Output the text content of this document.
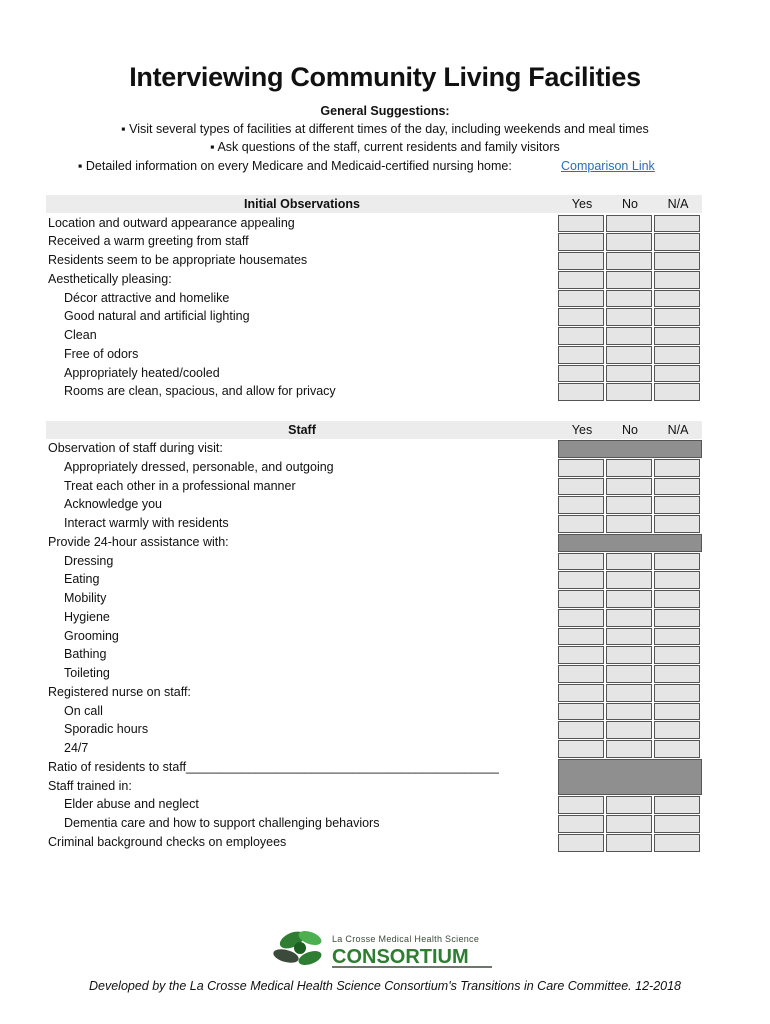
Interviewing Community Living Facilities
General Suggestions:
▪ Visit several types of facilities at different times of the day, including weekends and meal times
▪ Ask questions of the staff, current residents and family visitors
▪ Detailed information on every Medicare and Medicaid-certified nursing home:	Comparison Link
Initial Observations	Yes	No	N/A
Location and outward appearance appealing
Received a warm greeting from staff
Residents seem to be appropriate housemates
Aesthetically pleasing:
Décor attractive and homelike
Good natural and artificial lighting
Clean
Free of odors
Appropriately heated/cooled
Rooms are clean, spacious, and allow for privacy
Staff	Yes	No	N/A
Observation of staff during visit:
Appropriately dressed, personable, and outgoing
Treat each other in a professional manner
Acknowledge you
Interact warmly with residents
Provide 24-hour assistance with:
Dressing
Eating
Mobility
Hygiene
Grooming
Bathing
Toileting
Registered nurse on staff:
On call
Sporadic hours
24/7
Ratio of residents to staff_____________________________________________
Staff trained in:
Elder abuse and neglect
Dementia care and how to support challenging behaviors
Criminal background checks on employees
La Crosse Medical Health Science
CONSORTIUM
Developed by the La Crosse Medical Health Science Consortium's Transitions in Care Committee. 12-2018
